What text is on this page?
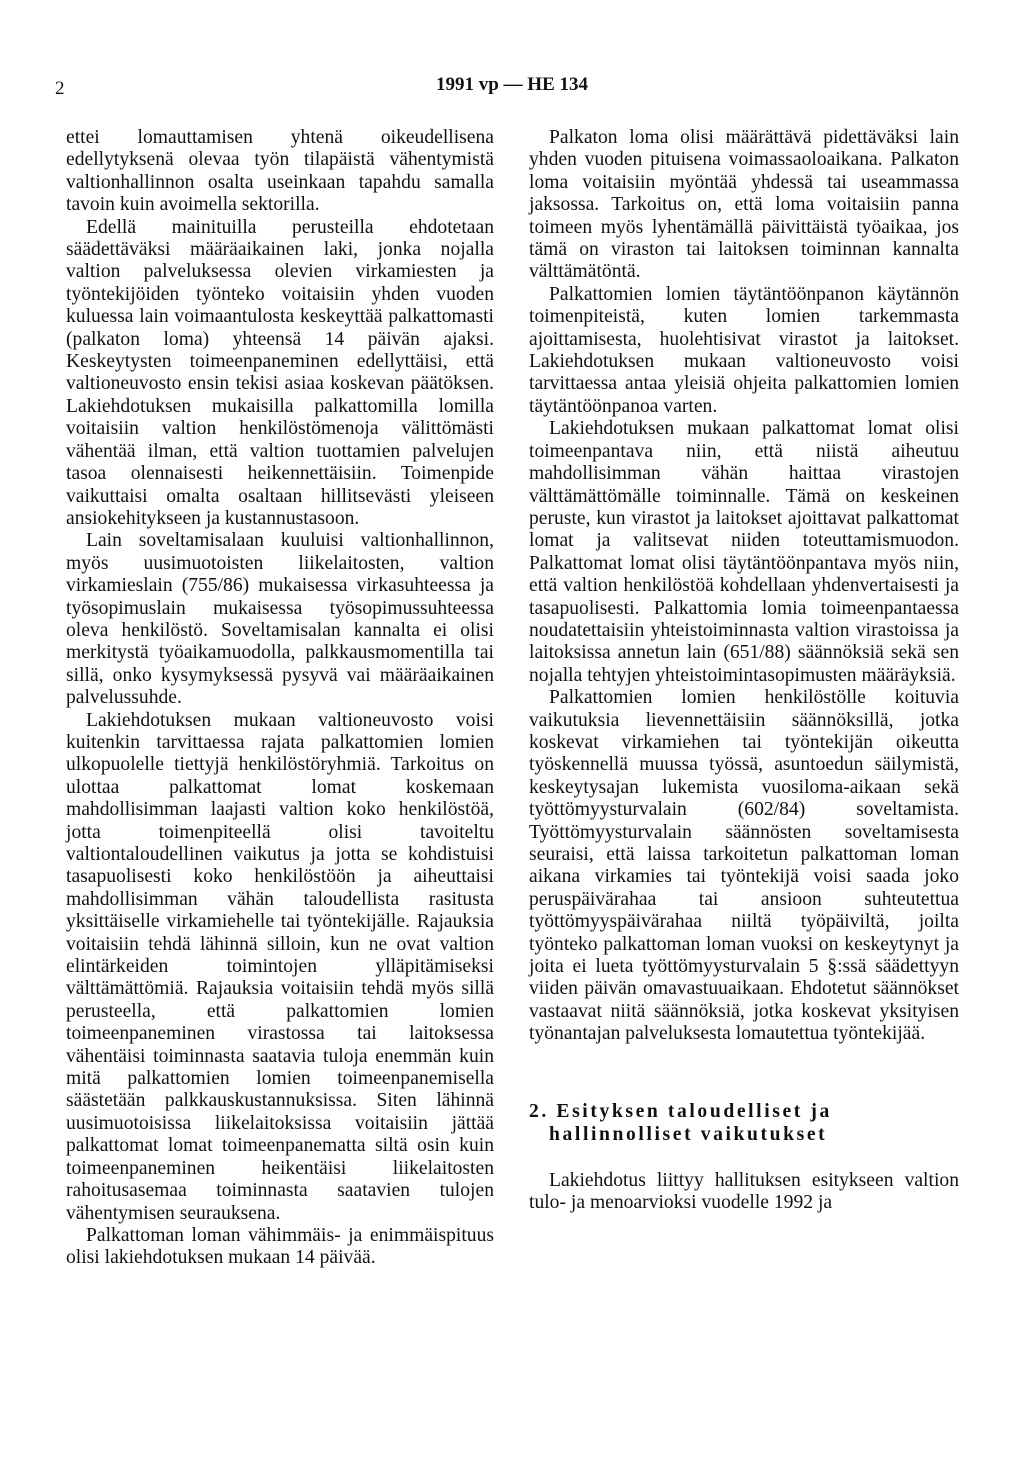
2	1991 vp — HE 134

ettei lomauttamisen yhtenä oikeudellisena edellytyksenä olevaa työn tilapäistä vähentymistä valtionhallinnon osalta useinkaan tapahdu samalla tavoin kuin avoimella sektorilla.

Edellä mainituilla perusteilla ehdotetaan säädettäväksi määräaikainen laki, jonka nojalla valtion palveluksessa olevien virkamiesten ja työntekijöiden työnteko voitaisiin yhden vuoden kuluessa lain voimaantulosta keskeyttää palkattomasti (palkaton loma) yhteensä 14 päivän ajaksi. Keskeytysten toimeenpaneminen edellyttäisi, että valtioneuvosto ensin tekisi asiaa koskevan päätöksen. Lakiehdotuksen mukaisilla palkattomilla lomilla voitaisiin valtion henkilöstömenoja välittömästi vähentää ilman, että valtion tuottamien palvelujen tasoa olennaisesti heikennettäisiin. Toimenpide vaikuttaisi omalta osaltaan hillitsevästi yleiseen ansiokehitykseen ja kustannustasoon.

Lain soveltamisalaan kuuluisi valtionhallinnon, myös uusimuotoisten liikelaitosten, valtion virkamieslain (755/86) mukaisessa virkasuhteessa ja työsopimuslain mukaisessa työsopimussuhteessa oleva henkilöstö. Soveltamisalan kannalta ei olisi merkitystä työaikamuodolla, palkkausmomentilla tai sillä, onko kysymyksessä pysyvä vai määräaikainen palvelussuhde.

Lakiehdotuksen mukaan valtioneuvosto voisi kuitenkin tarvittaessa rajata palkattomien lomien ulkopuolelle tiettyjä henkilöstöryhmiä. Tarkoitus on ulottaa palkattomat lomat koskemaan mahdollisimman laajasti valtion koko henkilöstöä, jotta toimenpiteellä olisi tavoiteltu valtiontaloudellinen vaikutus ja jotta se kohdistuisi tasapuolisesti koko henkilöstöön ja aiheuttaisi mahdollisimman vähän taloudellista rasitusta yksittäiselle virkamiehelle tai työntekijälle. Rajauksia voitaisiin tehdä lähinnä silloin, kun ne ovat valtion elintärkeiden toimintojen ylläpitämiseksi välttämättömiä. Rajauksia voitaisiin tehdä myös sillä perusteella, että palkattomien lomien toimeenpaneminen virastossa tai laitoksessa vähentäisi toiminnasta saatavia tuloja enemmän kuin mitä palkattomien lomien toimeenpanemisella säästetään palkkauskustannuksissa. Siten lähinnä uusimuotoisissa liikelaitoksissa voitaisiin jättää palkattomat lomat toimeenpanematta siltä osin kuin toimeenpaneminen heikentäisi liikelaitosten rahoitusasemaa toiminnasta saatavien tulojen vähentymisen seurauksena.

Palkattoman loman vähimmäis- ja enimmäispituus olisi lakiehdotuksen mukaan 14 päivää.

Palkaton loma olisi määrättävä pidettäväksi lain yhden vuoden pituisena voimassaoloaikana. Palkaton loma voitaisiin myöntää yhdessä tai useammassa jaksossa. Tarkoitus on, että loma voitaisiin panna toimeen myös lyhentämällä päivittäistä työaikaa, jos tämä on viraston tai laitoksen toiminnan kannalta välttämätöntä.

Palkattomien lomien täytäntöönpanon käytännön toimenpiteistä, kuten lomien tarkemmasta ajoittamisesta, huolehtisivat virastot ja laitokset. Lakiehdotuksen mukaan valtioneuvosto voisi tarvittaessa antaa yleisiä ohjeita palkattomien lomien täytäntöönpanoa varten.

Lakiehdotuksen mukaan palkattomat lomat olisi toimeenpantava niin, että niistä aiheutuu mahdollisimman vähän haittaa virastojen välttämättömälle toiminnalle. Tämä on keskeinen peruste, kun virastot ja laitokset ajoittavat palkattomat lomat ja valitsevat niiden toteuttamismuodon. Palkattomat lomat olisi täytäntöönpantava myös niin, että valtion henkilöstöä kohdellaan yhdenvertaisesti ja tasapuolisesti. Palkattomia lomia toimeenpantaessa noudatettaisiin yhteistoiminnasta valtion virastoissa ja laitoksissa annetun lain (651/88) säännöksiä sekä sen nojalla tehtyjen yhteistoimintasopimusten määräyksiä.

Palkattomien lomien henkilöstölle koituvia vaikutuksia lievennettäisiin säännöksillä, jotka koskevat virkamiehen tai työntekijän oikeutta työskennellä muussa työssä, asuntoedun säilymistä, keskeytysajan lukemista vuosiloma-aikaan sekä työttömyysturvalain (602/84) soveltamista. Työttömyysturvalain säännösten soveltamisesta seuraisi, että laissa tarkoitetun palkattoman loman aikana virkamies tai työntekijä voisi saada joko peruspäivärahaa tai ansioon suhteutettua työttömyyspäivärahaa niiltä työpäiviltä, joilta työnteko palkattoman loman vuoksi on keskeytynyt ja joita ei lueta työttömyysturvalain 5 §:ssä säädettyyn viiden päivän omavastuuaikaan. Ehdotetut säännökset vastaavat niitä säännöksiä, jotka koskevat yksityisen työnantajan palveluksesta lomautettua työntekijää.

2. Esityksen taloudelliset ja hallinnolliset vaikutukset

Lakiehdotus liittyy hallituksen esitykseen valtion tulo- ja menoarvioksi vuodelle 1992 ja
